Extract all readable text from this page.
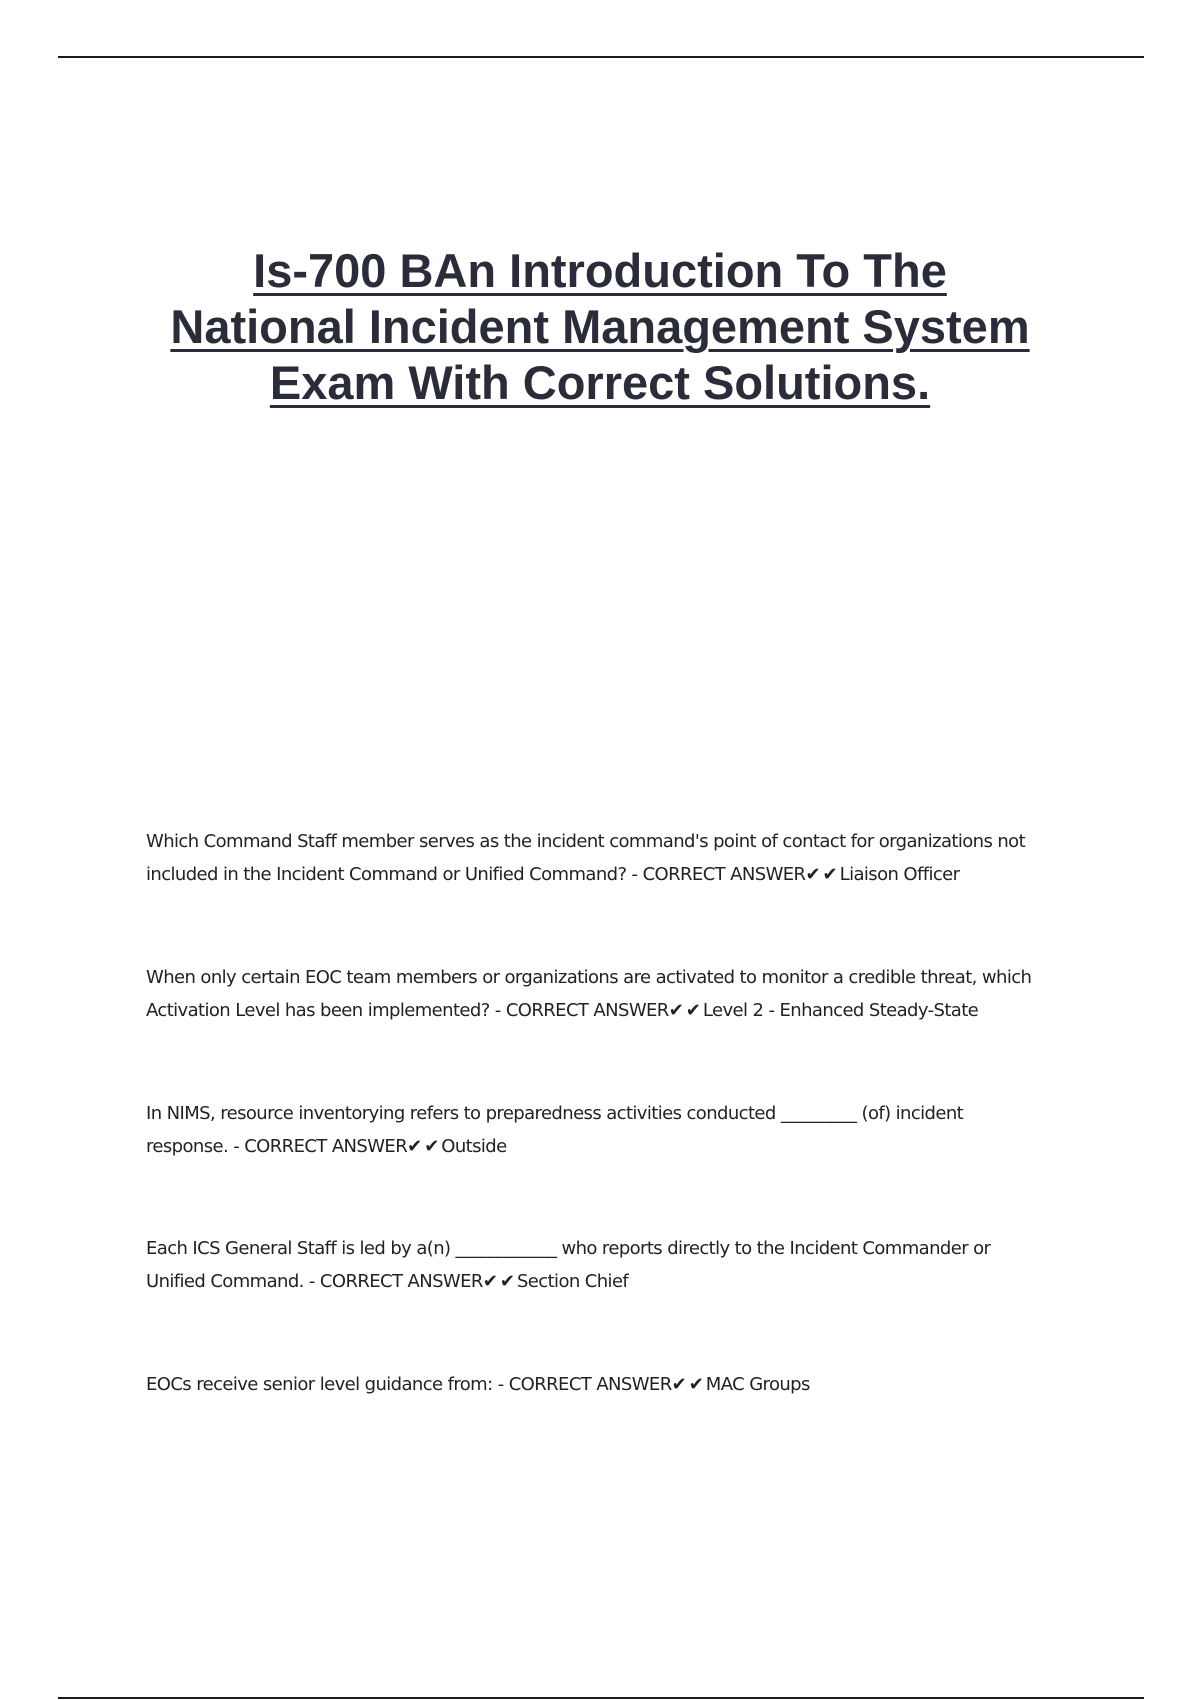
Is-700 BAn Introduction To The
National Incident Management System
Exam With Correct Solutions.
Which Command Staff member serves as the incident command's point of contact for organizations not
included in the Incident Command or Unified Command? - CORRECT ANSWER✔✔Liaison Officer
When only certain EOC team members or organizations are activated to monitor a credible threat, which
Activation Level has been implemented? - CORRECT ANSWER✔✔Level 2 - Enhanced Steady-State
In NIMS, resource inventorying refers to preparedness activities conducted _________ (of) incident
response. - CORRECT ANSWER✔✔Outside
Each ICS General Staff is led by a(n) ____________ who reports directly to the Incident Commander or
Unified Command. - CORRECT ANSWER✔✔Section Chief
EOCs receive senior level guidance from: - CORRECT ANSWER✔✔MAC Groups
